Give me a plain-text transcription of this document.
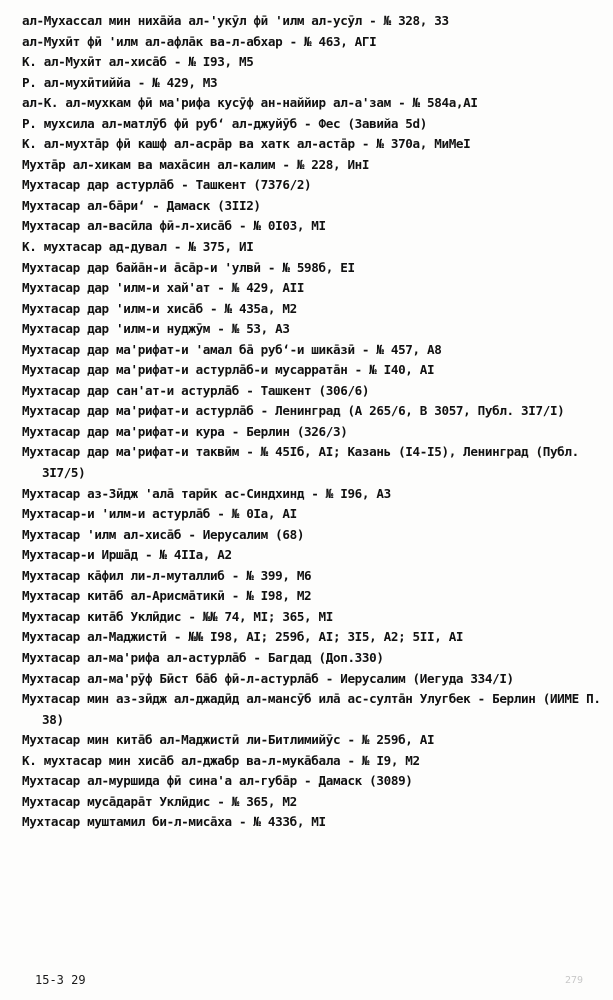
ал-Мухассал мин нихāйа ал-'укӯл фӣ 'илм ал-усӯл - № 328, 33
ал-Мухӣт фӣ 'илм ал-афлāк ва-л-абхар - № 463, АГI
К. ал-Мухӣт ал-хисāб - № I93, М5
Р. ал-мухӣтиййа - № 429, М3
ал-К. ал-мухкам фӣ ма'рифа кусӯф ан-наййир ал-а'зам - № 584а,АI
Р. мухсила ал-матлӯб фӣ рубʻ ал-джуйӯб - Фес (Завийа 5d)
К. ал-мухтāр фӣ кашф ал-асрāр ва хатк ал-астāр - № 370а, МиМеI
Мухтāр ал-хикам ва махāсин ал-калим - № 228, ИнI
Мухтасар дар астурлāб - Ташкент (7376/2)
Мухтасар ал-бāриʻ - Дамаск (3II2)
Мухтасар ал-васӣла фӣ-л-хисāб - № 0I03, МI
К. мухтасар ад-дувал - № 375, ИI
Мухтасар дар байāн-и āсāр-и 'улвӣ - № 598б, ЕI
Мухтасар дар 'илм-и хай'ат - № 429, АII
Мухтасар дар 'илм-и хисāб - № 435а, М2
Мухтасар дар 'илм-и нуджӯм - № 53, А3
Мухтасар дар ма'рифат-и 'амал бā рубʻ-и шикāзӣ - № 457, А8
Мухтасар дар ма'рифат-и астурлāб-и мусарратāн - № I40, АI
Мухтасар дар сан'ат-и астурлāб - Ташкент (306/6)
Мухтасар дар ма'рифат-и астурлāб - Ленинград (А 265/6, В 3057, Публ. 3I7/I)
Мухтасар дар ма'рифат-и кура - Берлин (326/3)
Мухтасар дар ма'рифат-и таквӣм - № 45Iб, АI; Казань (I4-I5), Ленинград (Публ. 3I7/5)
Мухтасар аз-Зӣдж 'алā тарӣк ас-Синдхинд - № I96, А3
Мухтасар-и 'илм-и астурлāб - № 0Iа, АI
Мухтасар 'илм ал-хисāб - Иерусалим (68)
Мухтасар-и Иршāд - № 4IIа, А2
Мухтасар кāфил ли-л-муталлиб - № 399, М6
Мухтасар китāб ал-Арисмāтикӣ - № I98, М2
Мухтасар китāб Уклӣдис - №№ 74, МI; 365, МI
Мухтасар ал-Маджистӣ - №№ I98, АI; 259б, АI; 3I5, А2; 5II, АI
Мухтасар ал-ма'рифа ал-астурлāб - Багдад (Доп.330)
Мухтасар ал-ма'рӯф Бӣст бāб фӣ-л-астурлāб - Иерусалим (Иегуда 334/I)
Мухтасар мин аз-зӣдж ал-джадӣд ал-мансӯб илā ас-султāн Улугбек - Берлин (ИИМЕ П. 38)
Мухтасар мин китāб ал-Маджистӣ ли-Битлимийӯс - № 259б, АI
К. мухтасар мин хисāб ал-джабр ва-л-мукāбала - № I9, М2
Мухтасар ал-муршида фӣ сина'а ал-губāр - Дамаск (3089)
Мухтасар мусāдарāт Уклӣдис - № 365, М2
Мухтасар муштамил би-л-мисāха - № 433б, МI
15-3 29	279
